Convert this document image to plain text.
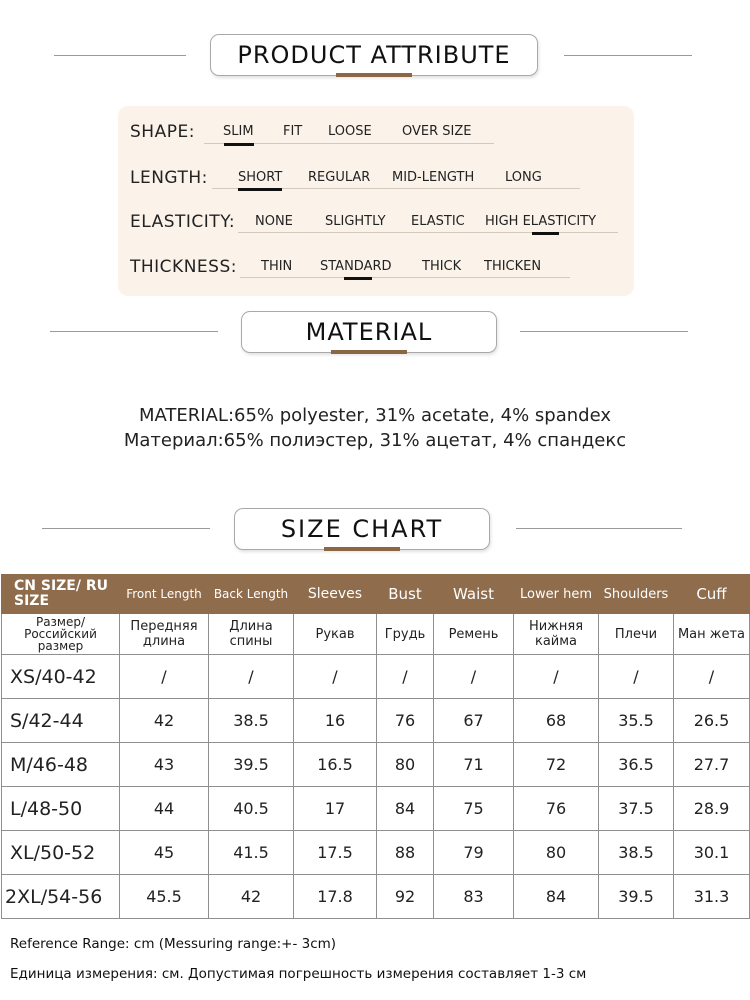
PRODUCT ATTRIBUTE
SHAPE: SLIM FIT LOOSE OVER SIZE
LENGTH: SHORT REGULAR MID-LENGTH LONG
ELASTICITY: NONE SLIGHTLY ELASTIC HIGH ELASTICITY
THICKNESS: THIN STANDARD THICK THICKEN
MATERIAL
MATERIAL:65% polyester, 31% acetate, 4% spandex
Материал:65% полиэстер, 31% ацетат, 4% спандекс
SIZE CHART
CN SIZE/ RU SIZE	Front Length	Back Length	Sleeves	Bust	Waist	Lower hem	Shoulders	Cuff
Размер/ Российский размер	Передняя длина	Длина спины	Рукав	Грудь	Ремень	Нижняя кайма	Плечи	Ман жета
XS/40-42	/	/	/	/	/	/	/	/
S/42-44	42	38.5	16	76	67	68	35.5	26.5
M/46-48	43	39.5	16.5	80	71	72	36.5	27.7
L/48-50	44	40.5	17	84	75	76	37.5	28.9
XL/50-52	45	41.5	17.5	88	79	80	38.5	30.1
2XL/54-56	45.5	42	17.8	92	83	84	39.5	31.3
Reference Range: cm (Messuring range:+- 3cm)
Единица измерения: см. Допустимая погрешность измерения составляет 1-3 см
